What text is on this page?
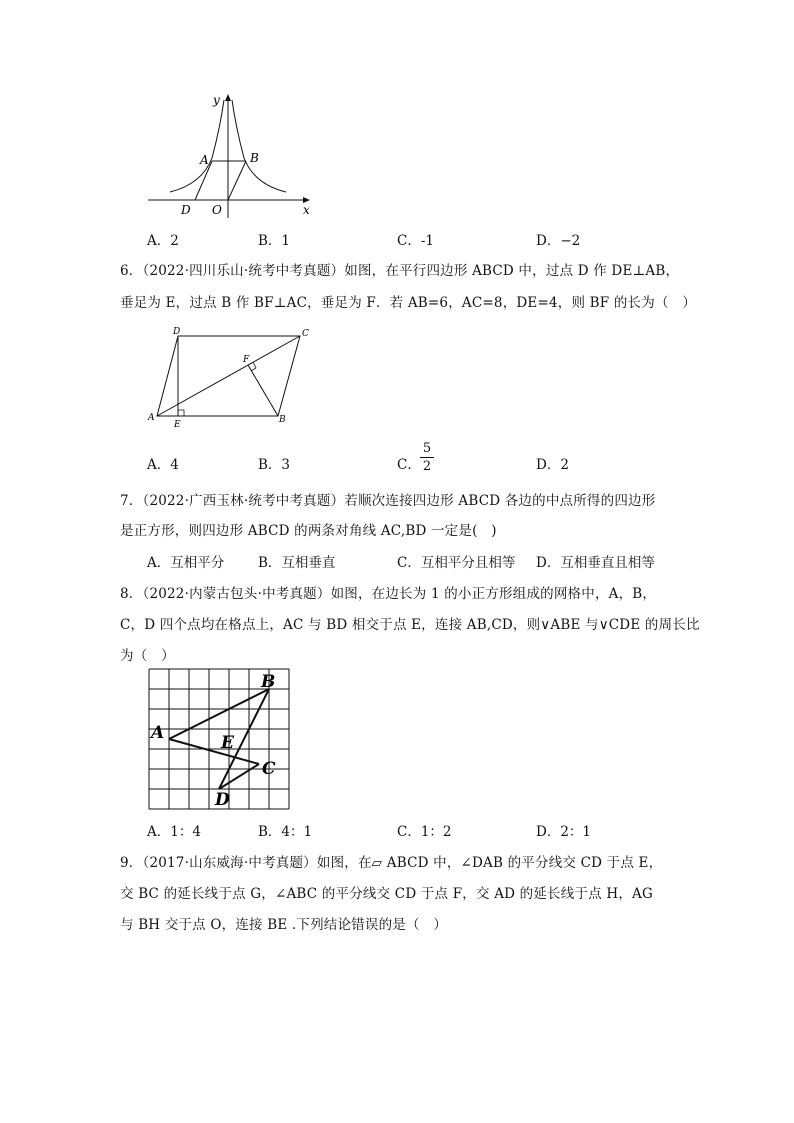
y
x
A	B
D O
A．2	B．1	C．-1	D．−2
6．（2022·四川乐山·统考中考真题）如图，在平行四边形 ABCD 中，过点 D 作 DE⊥AB，
垂足为 E，过点 B 作 BF⊥AC，垂足为 F．若 AB=6，AC=8，DE=4，则 BF 的长为（　）
D	C
F
A
E	B
A．4	B．3	C．
5
2	D．2
7．（2022·广西玉林·统考中考真题）若顺次连接四边形 ABCD 各边的中点所得的四边形
是正方形，则四边形 ABCD 的两条对角线 AC,BD 一定是(　)
A．互相平分	B．互相垂直	C．互相平分且相等 D．互相垂直且相等
8．（2022·内蒙古包头·中考真题）如图，在边长为 1 的小正方形组成的网格中，A，B，
C，D 四个点均在格点上，AC 与 BD 相交于点 E，连接 AB,CD，则∨ABE 与∨CDE 的周长比
为（　）
A
B
C
D
E
A．1：4	B．4：1	C．1：2	D．2：1
9．（2017·山东威海·中考真题）如图，在▱ ABCD 中，∠DAB 的平分线交 CD 于点 E，
交 BC 的延长线于点 G，∠ABC 的平分线交 CD 于点 F，交 AD 的延长线于点 H，AG
与 BH 交于点 O，连接 BE .下列结论错误的是（　）
